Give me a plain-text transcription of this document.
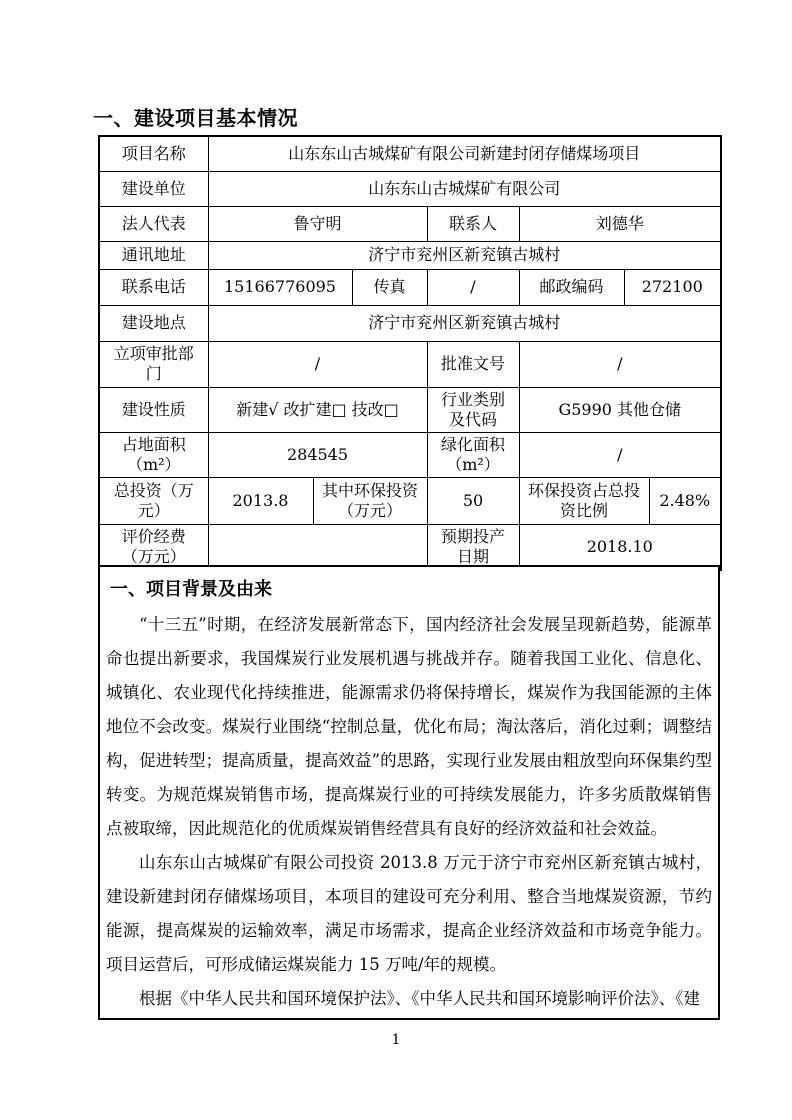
一、建设项目基本情况
项目名称	山东东山古城煤矿有限公司新建封闭存储煤场项目						
建设单位	山东东山古城煤矿有限公司						
法人代表	鲁守明			联系人	刘德华		
通讯地址	济宁市兖州区新兖镇古城村						
联系电话	15166776095		传真	/	邮政编码	272100	
建设地点	济宁市兖州区新兖镇古城村						
立项审批部门	/			批准文号	/		
建设性质	新建√ 改扩建□ 技改□			行业类别及代码	G5990 其他仓储		
占地面积（m²）	284545			绿化面积（m²）	/		
总投资（万元）	2013.8	其中环保投资（万元）		50	环保投资占总投资比例		2.48%
评价经费（万元）				预期投产日期	2018.10		
一、项目背景及由来

“十三五”时期，在经济发展新常态下，国内经济社会发展呈现新趋势，能源革命也提出新要求，我国煤炭行业发展机遇与挑战并存。随着我国工业化、信息化、城镇化、农业现代化持续推进，能源需求仍将保持增长，煤炭作为我国能源的主体地位不会改变。煤炭行业围绕“控制总量，优化布局；淘汰落后，消化过剩；调整结构，促进转型；提高质量，提高效益”的思路，实现行业发展由粗放型向环保集约型转变。为规范煤炭销售市场，提高煤炭行业的可持续发展能力，许多劣质散煤销售点被取缔，因此规范化的优质煤炭销售经营具有良好的经济效益和社会效益。

山东东山古城煤矿有限公司投资 2013.8 万元于济宁市兖州区新兖镇古城村，建设新建封闭存储煤场项目，本项目的建设可充分利用、整合当地煤炭资源，节约能源，提高煤炭的运输效率，满足市场需求，提高企业经济效益和市场竞争能力。项目运营后，可形成储运煤炭能力 15 万吨/年的规模。

根据《中华人民共和国环境保护法》、《中华人民共和国环境影响评价法》、《建

1
